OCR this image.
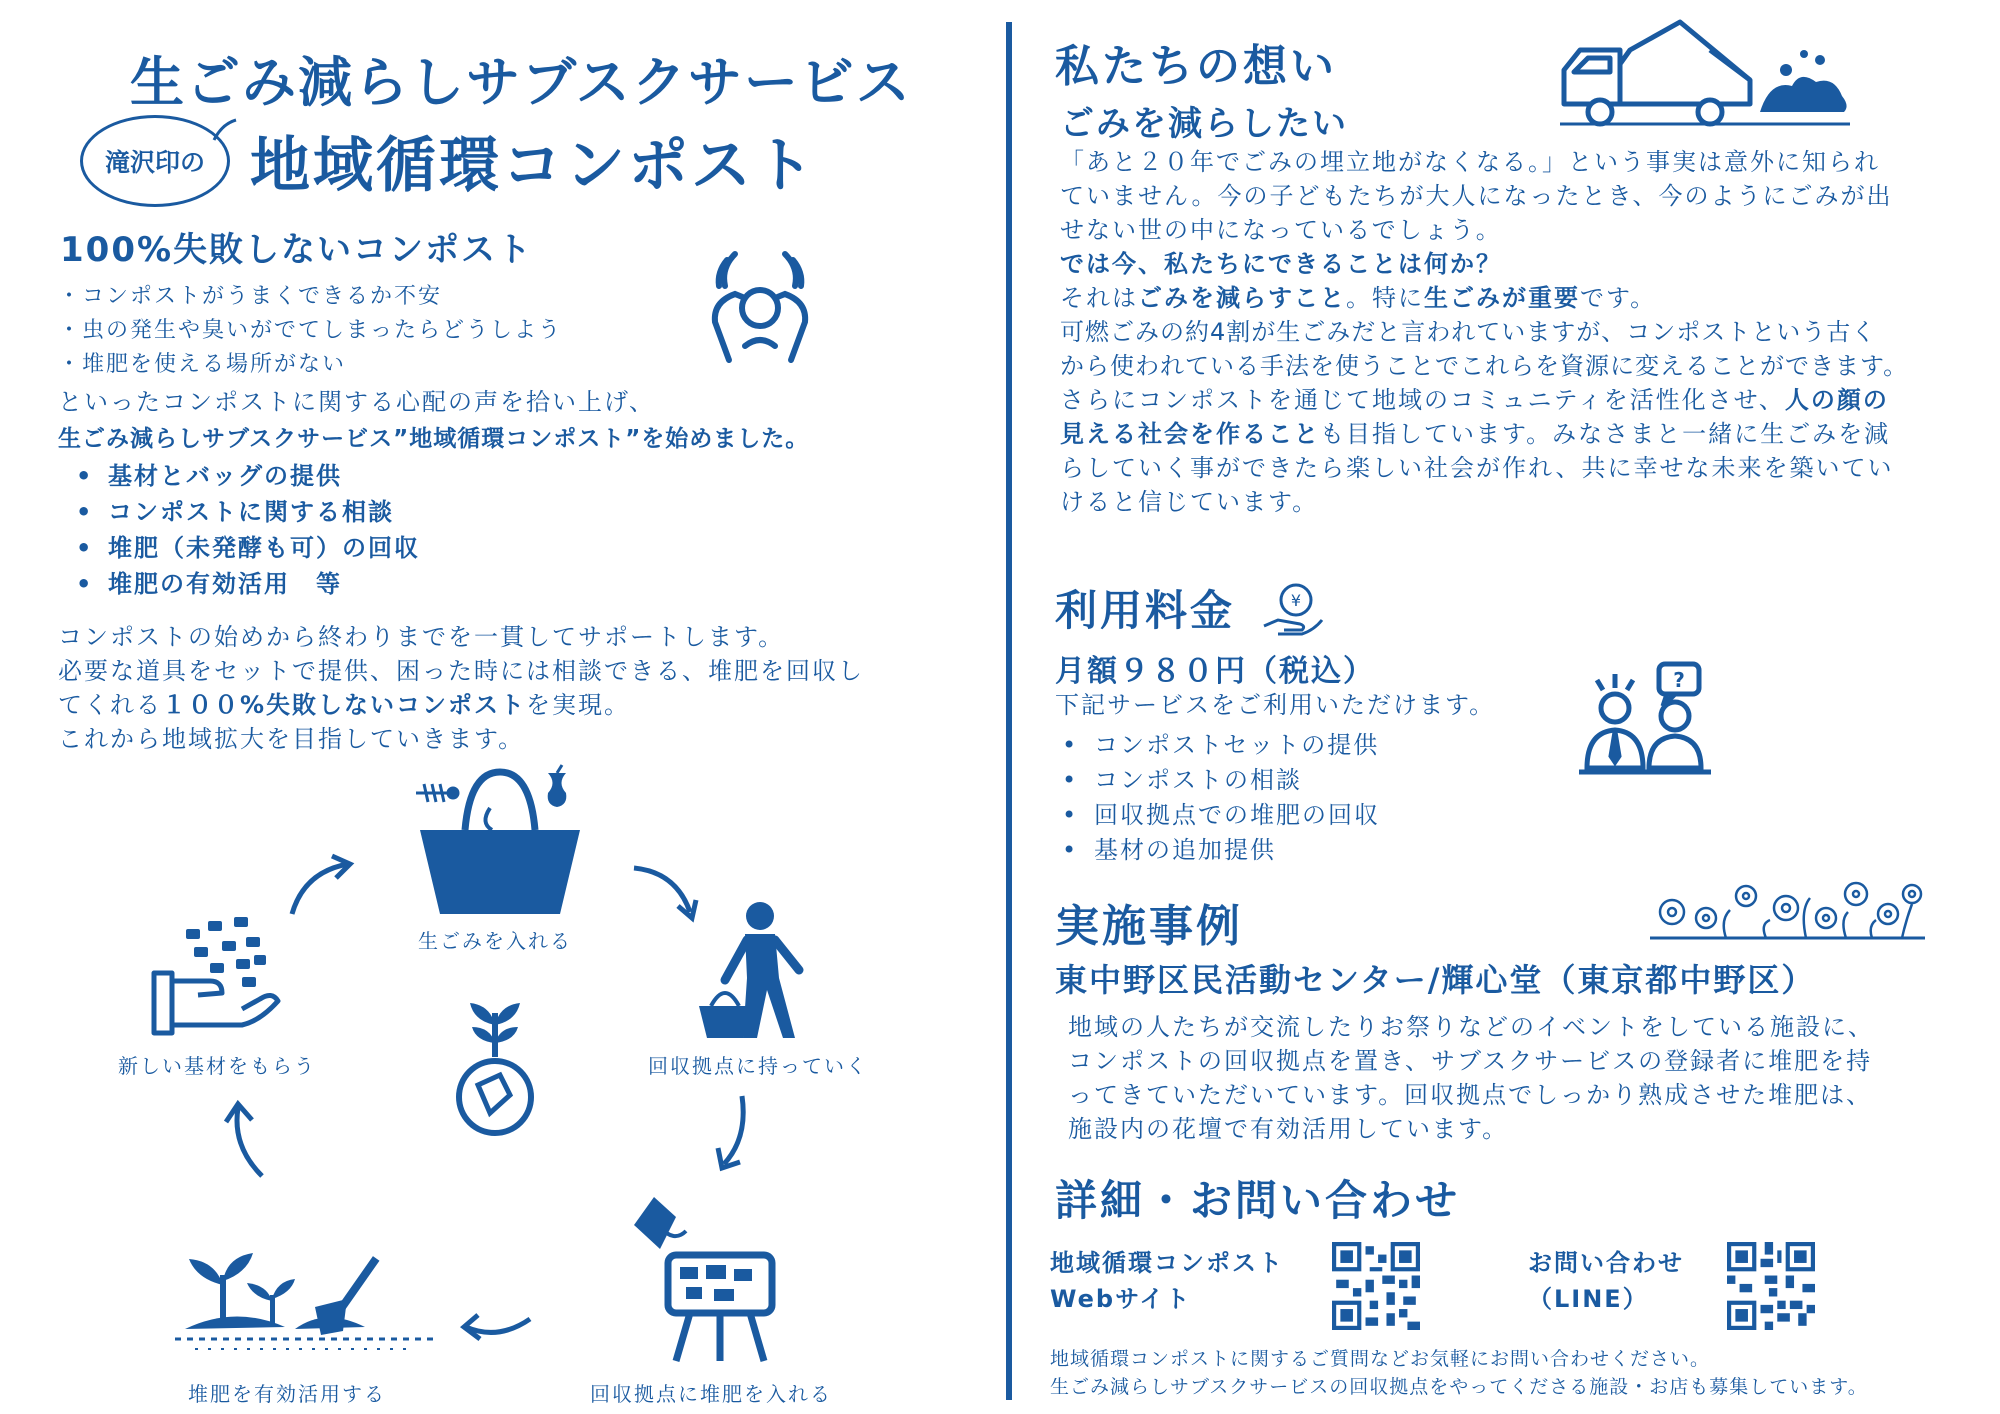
生ごみ減らしサブスクサービス
滝沢印の 地域循環コンポスト
100%失敗しないコンポスト
・コンポストがうまくできるか不安
・虫の発生や臭いがでてしまったらどうしよう
・堆肥を使える場所がない
といったコンポストに関する心配の声を拾い上げ、
生ごみ減らしサブスクサービス”地域循環コンポスト”を始めました。
• 基材とバッグの提供
• コンポストに関する相談
• 堆肥（未発酵も可）の回収
• 堆肥の有効活用　等
コンポストの始めから終わりまでを一貫してサポートします。
必要な道具をセットで提供、困った時には相談できる、堆肥を回収し
てくれる１００%失敗しないコンポストを実現。
これから地域拡大を目指していきます。
生ごみを入れる
回収拠点に持っていく
回収拠点に堆肥を入れる
堆肥を有効活用する
新しい基材をもらう
私たちの想い
ごみを減らしたい
「あと２０年でごみの埋立地がなくなる。」という事実は意外に知られ
ていません。今の子どもたちが大人になったとき、今のようにごみが出
せない世の中になっているでしょう。
では今、私たちにできることは何か？
それはごみを減らすこと。特に生ごみが重要です。
可燃ごみの約4割が生ごみだと言われていますが、コンポストという古く
から使われている手法を使うことでこれらを資源に変えることができます。
さらにコンポストを通じて地域のコミュニティを活性化させ、人の顔の
見える社会を作ることも目指しています。みなさまと一緒に生ごみを減
らしていく事ができたら楽しい社会が作れ、共に幸せな未来を築いてい
けると信じています。
利用料金	¥
月額９８０円（税込）
下記サービスをご利用いただけます。
• コンポストセットの提供
• コンポストの相談
• 回収拠点での堆肥の回収
• 基材の追加提供
?
実施事例
東中野区民活動センター/輝心堂（東京都中野区）
地域の人たちが交流したりお祭りなどのイベントをしている施設に、
コンポストの回収拠点を置き、サブスクサービスの登録者に堆肥を持
ってきていただいています。回収拠点でしっかり熟成させた堆肥は、
施設内の花壇で有効活用しています。
詳細・お問い合わせ
地域循環コンポスト
Webサイト
お問い合わせ
（LINE）
地域循環コンポストに関するご質問などお気軽にお問い合わせください。
生ごみ減らしサブスクサービスの回収拠点をやってくださる施設・お店も募集しています。
